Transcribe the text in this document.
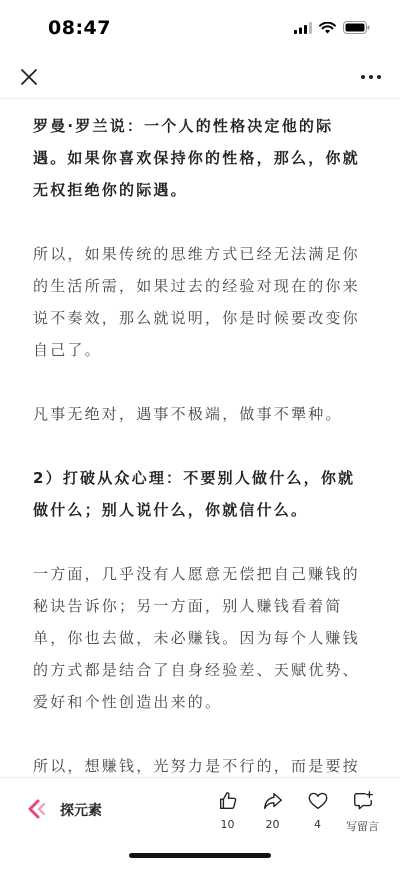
08:47

罗曼·罗兰说：一个人的性格决定他的际遇。如果你喜欢保持你的性格，那么，你就无权拒绝你的际遇。

所以，如果传统的思维方式已经无法满足你的生活所需，如果过去的经验对现在的你来说不奏效，那么就说明，你是时候要改变你自己了。

凡事无绝对，遇事不极端，做事不犟种。

2）打破从众心理：不要别人做什么，你就做什么；别人说什么，你就信什么。

一方面，几乎没有人愿意无偿把自己赚钱的秘诀告诉你；另一方面，别人赚钱看着简单，你也去做，未必赚钱。因为每个人赚钱的方式都是结合了自身经验差、天赋优势、爱好和个性创造出来的。

所以，想赚钱，光努力是不行的，而是要按

探元素
10	20	4 写留言
